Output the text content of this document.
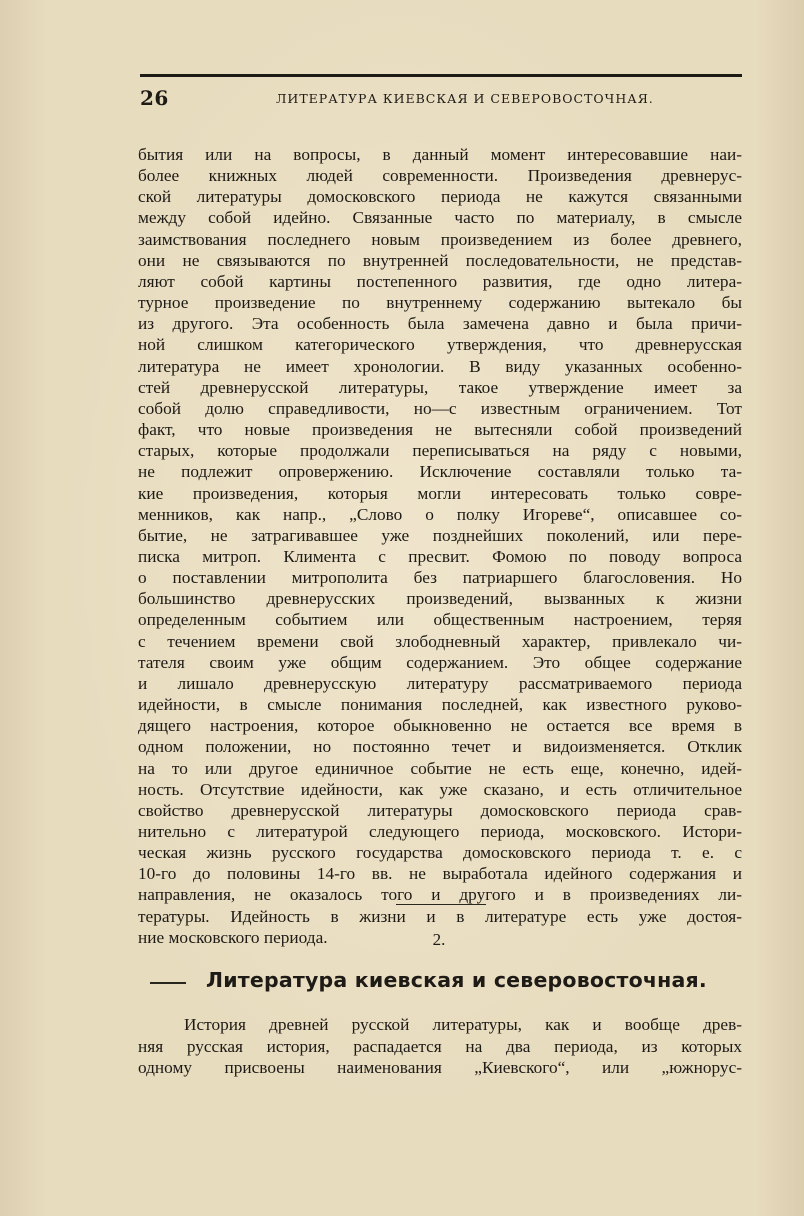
26	ЛИТЕРАТУРА КИЕВСКАЯ И СЕВЕРОВОСТОЧНАЯ.
бытия или на вопросы, в данный момент интересовавшие наи-
более книжных людей современности. Произведения древнерус-
ской литературы домосковского периода не кажутся связанными
между собой идейно. Связанные часто по материалу, в смысле
заимствования последнего новым произведением из более древнего,
они не связываются по внутренней последовательности, не представ-
ляют собой картины постепенного развития, где одно литера-
турное произведение по внутреннему содержанию вытекало бы
из другого. Эта особенность была замечена давно и была причи-
ной слишком категорического утверждения, что древнерусская
литература не имеет хронологии. В виду указанных особенно-
стей древнерусской литературы, такое утверждение имеет за
собой долю справедливости, но—с известным ограничением. Тот
факт, что новые произведения не вытесняли собой произведений
старых, которые продолжали переписываться на ряду с новыми,
не подлежит опровержению. Исключение составляли только та-
кие произведения, которыя могли интересовать только совре-
менников, как напр., „Слово о полку Игореве“, описавшее со-
бытие, не затрагивавшее уже позднейших поколений, или пере-
писка митроп. Климента с пресвит. Фомою по поводу вопроса
о поставлении митрополита без патриаршего благословения. Но
большинство древнерусских произведений, вызванных к жизни
определенным событием или общественным настроением, теряя
с течением времени свой злободневный характер, привлекало чи-
тателя своим уже общим содержанием. Это общее содержание
и лишало древнерусскую литературу рассматриваемого периода
идейности, в смысле понимания последней, как известного руково-
дящего настроения, которое обыкновенно не остается все время в
одном положении, но постоянно течет и видоизменяется. Отклик
на то или другое единичное событие не есть еще, конечно, идей-
ность. Отсутствие идейности, как уже сказано, и есть отличительное
свойство древнерусской литературы домосковского периода срав-
нительно с литературой следующего периода, московского. Истори-
ческая жизнь русского государства домосковского периода т. е. с
10-го до половины 14-го вв. не выработала идейного содержания и
направления, не оказалось того и другого и в произведениях ли-
тературы. Идейность в жизни и в литературе есть уже достоя-
ние московского периода.	2.
Литература киевская и северовосточная.
История древней русской литературы, как и вообще древ-
няя русская история, распадается на два периода, из которых
одному присвоены наименования „Киевского“, или „южнорус-
